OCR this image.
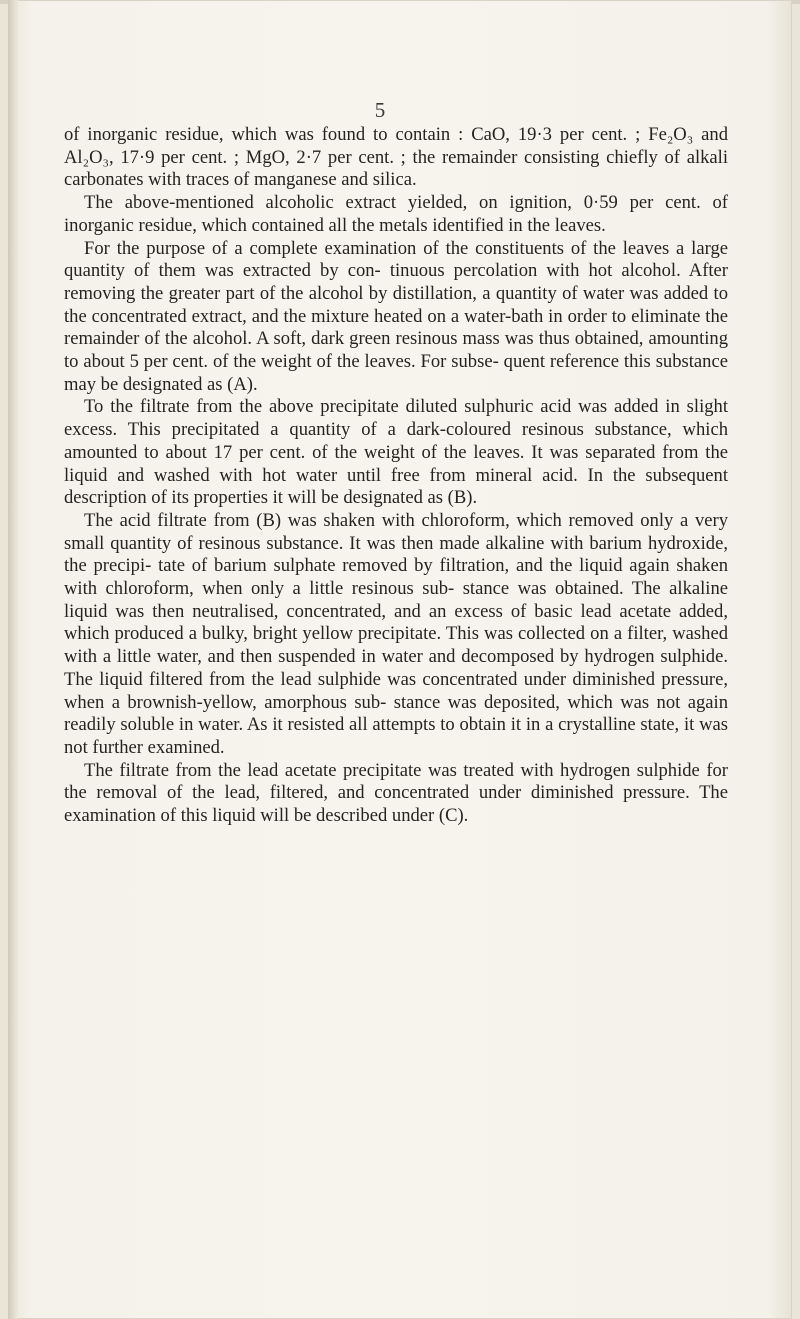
5

of inorganic residue, which was found to contain : CaO, 19·3 per cent. ; Fe₂O₃ and Al₂O₃, 17·9 per cent. ; MgO, 2·7 per cent. ; the remainder consisting chiefly of alkali carbonates with traces of manganese and silica.

The above-mentioned alcoholic extract yielded, on ignition, 0·59 per cent. of inorganic residue, which contained all the metals identified in the leaves.

For the purpose of a complete examination of the constituents of the leaves a large quantity of them was extracted by con- tinuous percolation with hot alcohol. After removing the greater part of the alcohol by distillation, a quantity of water was added to the concentrated extract, and the mixture heated on a water-bath in order to eliminate the remainder of the alcohol. A soft, dark green resinous mass was thus obtained, amounting to about 5 per cent. of the weight of the leaves. For subse- quent reference this substance may be designated as (A).

To the filtrate from the above precipitate diluted sulphuric acid was added in slight excess. This precipitated a quantity of a dark-coloured resinous substance, which amounted to about 17 per cent. of the weight of the leaves. It was separated from the liquid and washed with hot water until free from mineral acid. In the subsequent description of its properties it will be designated as (B).

The acid filtrate from (B) was shaken with chloroform, which removed only a very small quantity of resinous substance. It was then made alkaline with barium hydroxide, the precipi- tate of barium sulphate removed by filtration, and the liquid again shaken with chloroform, when only a little resinous sub- stance was obtained. The alkaline liquid was then neutralised, concentrated, and an excess of basic lead acetate added, which produced a bulky, bright yellow precipitate. This was collected on a filter, washed with a little water, and then suspended in water and decomposed by hydrogen sulphide. The liquid filtered from the lead sulphide was concentrated under diminished pressure, when a brownish-yellow, amorphous sub- stance was deposited, which was not again readily soluble in water. As it resisted all attempts to obtain it in a crystalline state, it was not further examined.

The filtrate from the lead acetate precipitate was treated with hydrogen sulphide for the removal of the lead, filtered, and concentrated under diminished pressure. The examination of this liquid will be described under (C).
